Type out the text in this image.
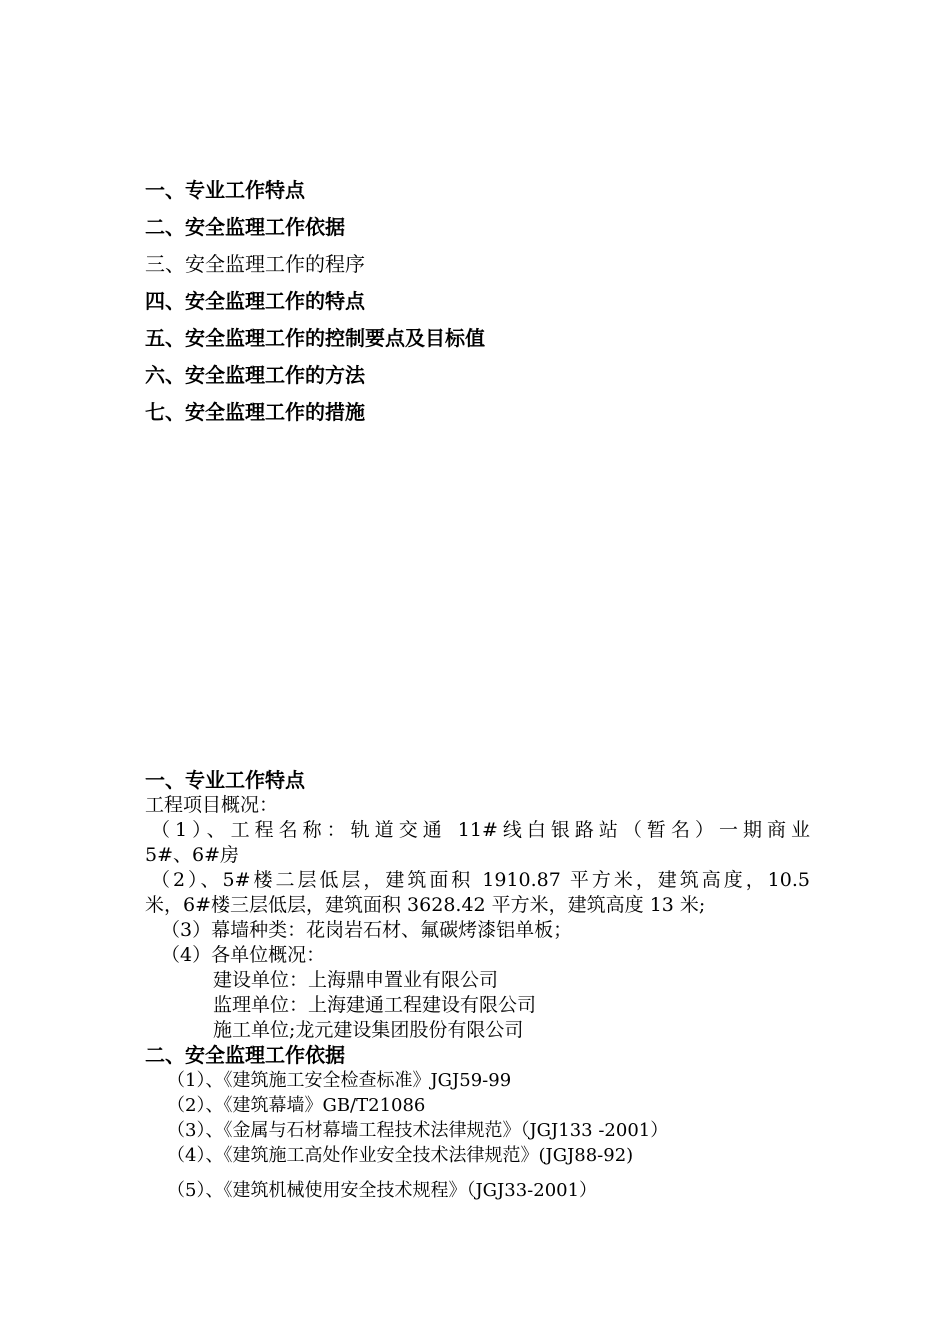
一、专业工作特点
二、安全监理工作依据
三、安全监理工作的程序
四、安全监理工作的特点
五、安全监理工作的控制要点及目标值
六、安全监理工作的方法
七、安全监理工作的措施
一、专业工作特点
工程项目概况：
（1）、工程名称：轨道交通 11#线白银路站（暂名）一期商业
5#、6#房
（2）、5#楼二层低层，建筑面积 1910.87 平方米，建筑高度，10.5
米，6#楼三层低层，建筑面积 3628.42 平方米，建筑高度 13 米;
（3）幕墙种类：花岗岩石材、氟碳烤漆铝单板；
（4）各单位概况：
建设单位：上海鼎申置业有限公司
监理单位：上海建通工程建设有限公司
施工单位;龙元建设集团股份有限公司
二、安全监理工作依据
（1）、《建筑施工安全检查标准》JGJ59-99
（2）、《建筑幕墙》GB/T21086
（3）、《金属与石材幕墙工程技术法律规范》（JGJ133 -2001）
（4）、《建筑施工高处作业安全技术法律规范》(JGJ88-92)
（5）、《建筑机械使用安全技术规程》（JGJ33-2001）
